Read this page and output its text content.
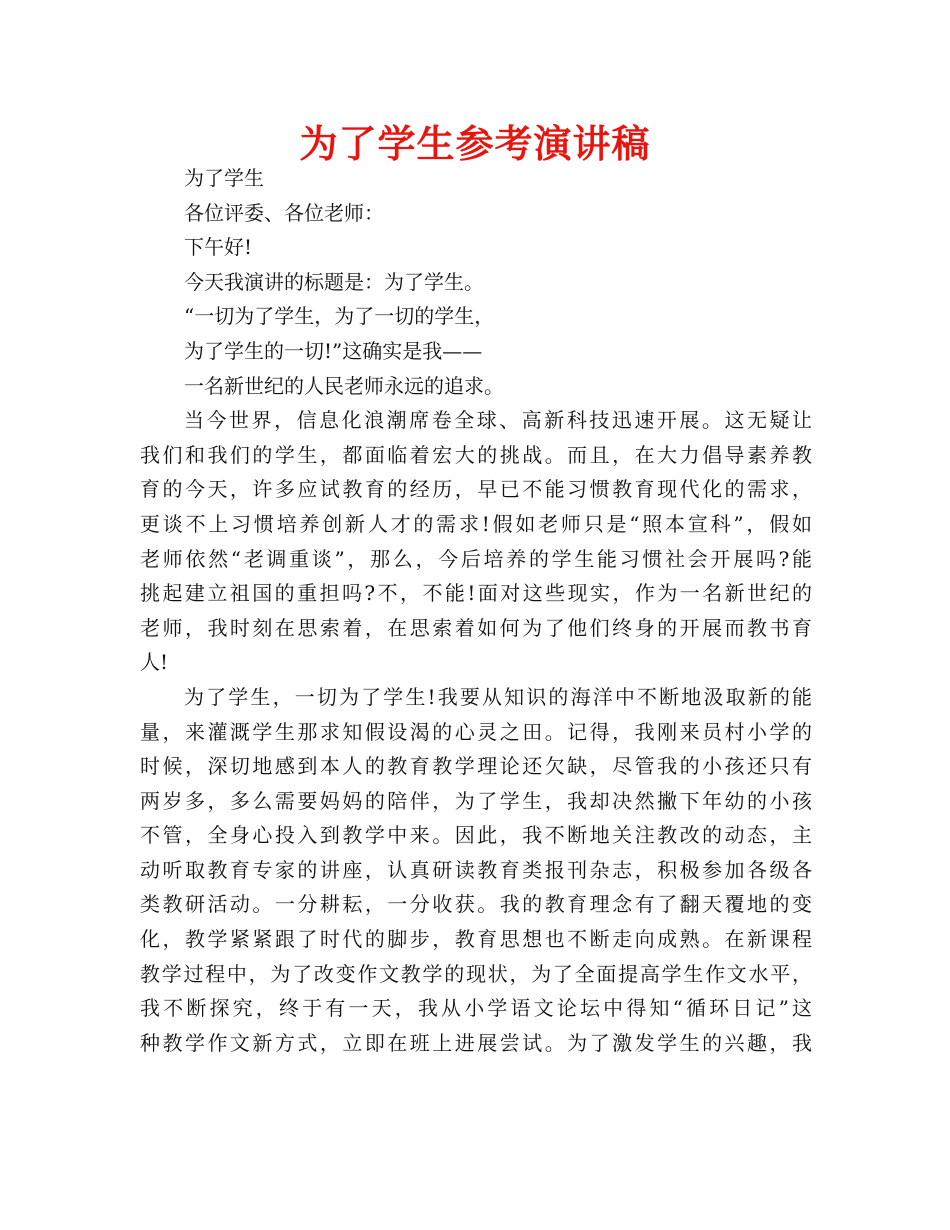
为了学生参考演讲稿

为了学生

各位评委、各位老师：

下午好!

今天我演讲的标题是：为了学生。

“一切为了学生，为了一切的学生，

为了学生的一切!”这确实是我——

一名新世纪的人民老师永远的追求。

当今世界，信息化浪潮席卷全球、高新科技迅速开展。这无疑让

我们和我们的学生，都面临着宏大的挑战。而且，在大力倡导素养教

育的今天，许多应试教育的经历，早已不能习惯教育现代化的需求，

更谈不上习惯培养创新人才的需求!假如老师只是“照本宣科”，假如

老师依然“老调重谈”，那么，今后培养的学生能习惯社会开展吗?能

挑起建立祖国的重担吗?不，不能!面对这些现实，作为一名新世纪的

老师，我时刻在思索着，在思索着如何为了他们终身的开展而教书育

人!

为了学生，一切为了学生!我要从知识的海洋中不断地汲取新的能

量，来灌溉学生那求知假设渴的心灵之田。记得，我刚来员村小学的

时候，深切地感到本人的教育教学理论还欠缺，尽管我的小孩还只有

两岁多，多么需要妈妈的陪伴，为了学生，我却决然撇下年幼的小孩

不管，全身心投入到教学中来。因此，我不断地关注教改的动态，主

动听取教育专家的讲座，认真研读教育类报刊杂志，积极参加各级各

类教研活动。一分耕耘，一分收获。我的教育理念有了翻天覆地的变

化，教学紧紧跟了时代的脚步，教育思想也不断走向成熟。在新课程

教学过程中，为了改变作文教学的现状，为了全面提高学生作文水平，

我不断探究，终于有一天，我从小学语文论坛中得知“循环日记”这

种教学作文新方式，立即在班上进展尝试。为了激发学生的兴趣，我
